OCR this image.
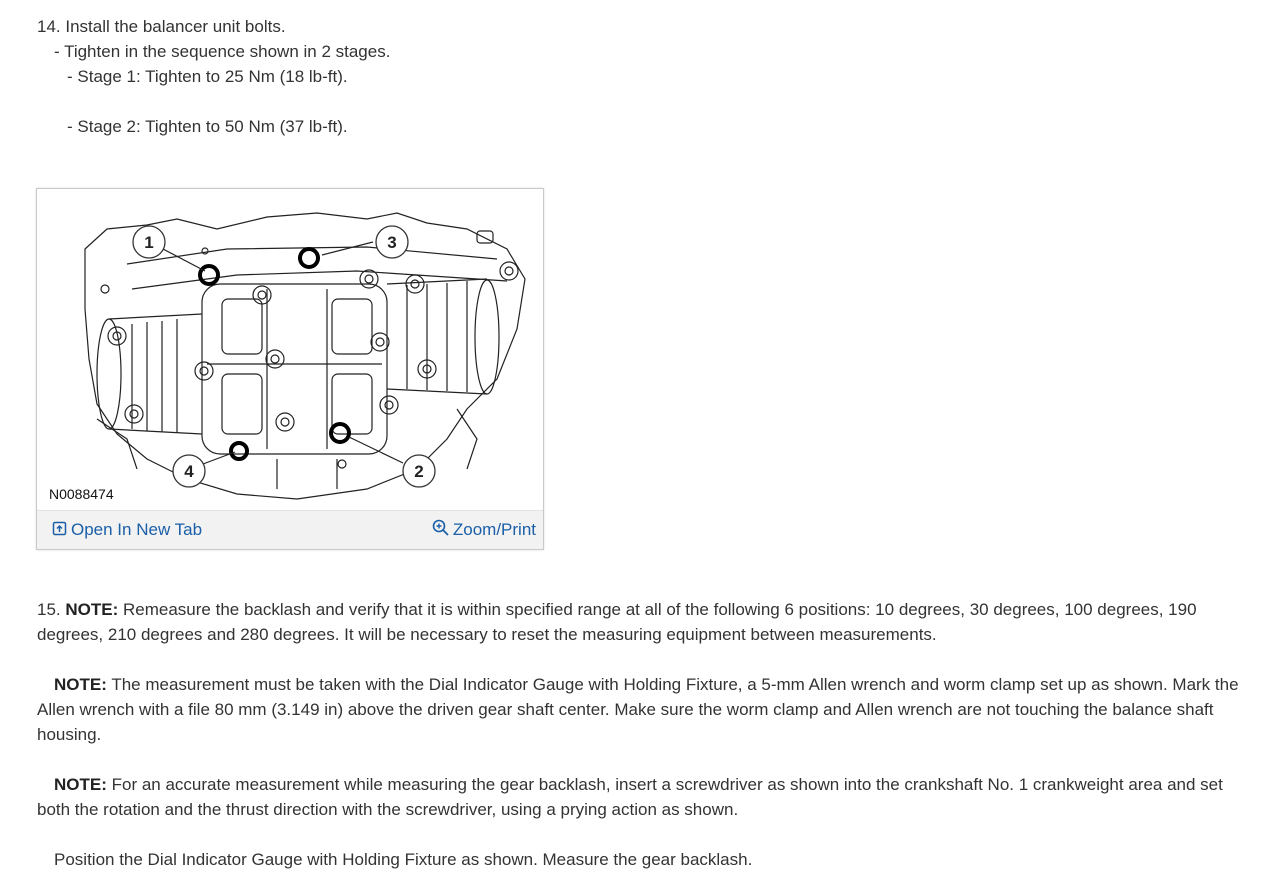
14. Install the balancer unit bolts.
- Tighten in the sequence shown in 2 stages.
- Stage 1: Tighten to 25 Nm (18 lb-ft).
- Stage 2: Tighten to 50 Nm (37 lb-ft).
1	3
4	2
N0088474
Open In New Tab	Zoom/Print

15. NOTE: Remeasure the backlash and verify that it is within specified range at all of the following 6 positions: 10 degrees, 30 degrees, 100 degrees, 190 degrees, 210 degrees and 280 degrees. It will be necessary to reset the measuring equipment between measurements.

NOTE: The measurement must be taken with the Dial Indicator Gauge with Holding Fixture, a 5-mm Allen wrench and worm clamp set up as shown. Mark the Allen wrench with a file 80 mm (3.149 in) above the driven gear shaft center. Make sure the worm clamp and Allen wrench are not touching the balance shaft housing.

NOTE: For an accurate measurement while measuring the gear backlash, insert a screwdriver as shown into the crankshaft No. 1 crankweight area and set both the rotation and the thrust direction with the screwdriver, using a prying action as shown.

Position the Dial Indicator Gauge with Holding Fixture as shown. Measure the gear backlash.
